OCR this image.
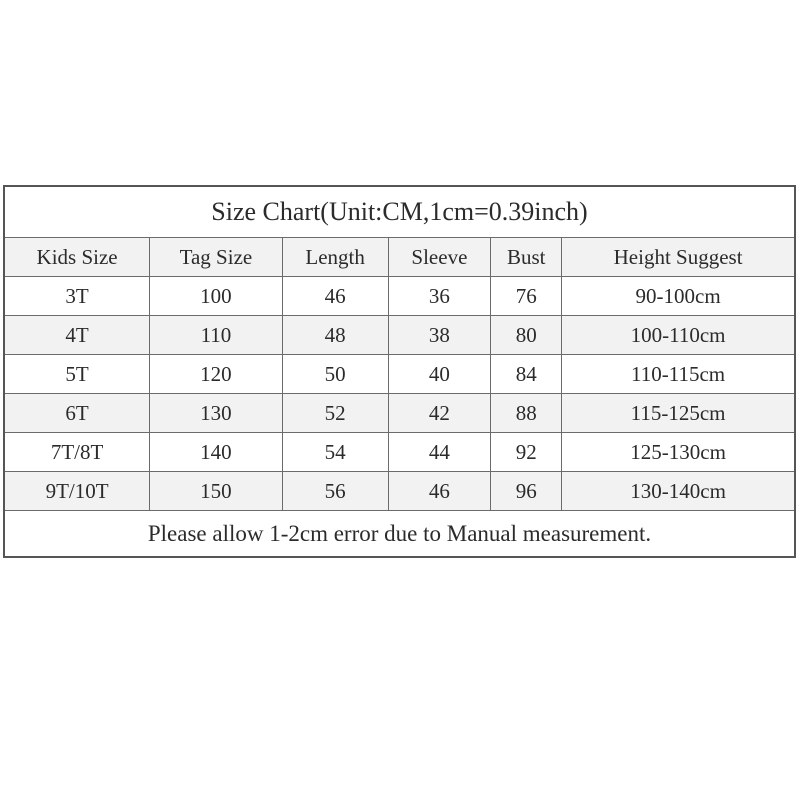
Size Chart(Unit:CM,1cm=0.39inch)					
Kids Size	Tag Size	Length	Sleeve	Bust	Height Suggest
3T	100	46	36	76	90-100cm
4T	110	48	38	80	100-110cm
5T	120	50	40	84	110-115cm
6T	130	52	42	88	115-125cm
7T/8T	140	54	44	92	125-130cm
9T/10T	150	56	46	96	130-140cm
Please allow 1-2cm error due to Manual measurement.					
